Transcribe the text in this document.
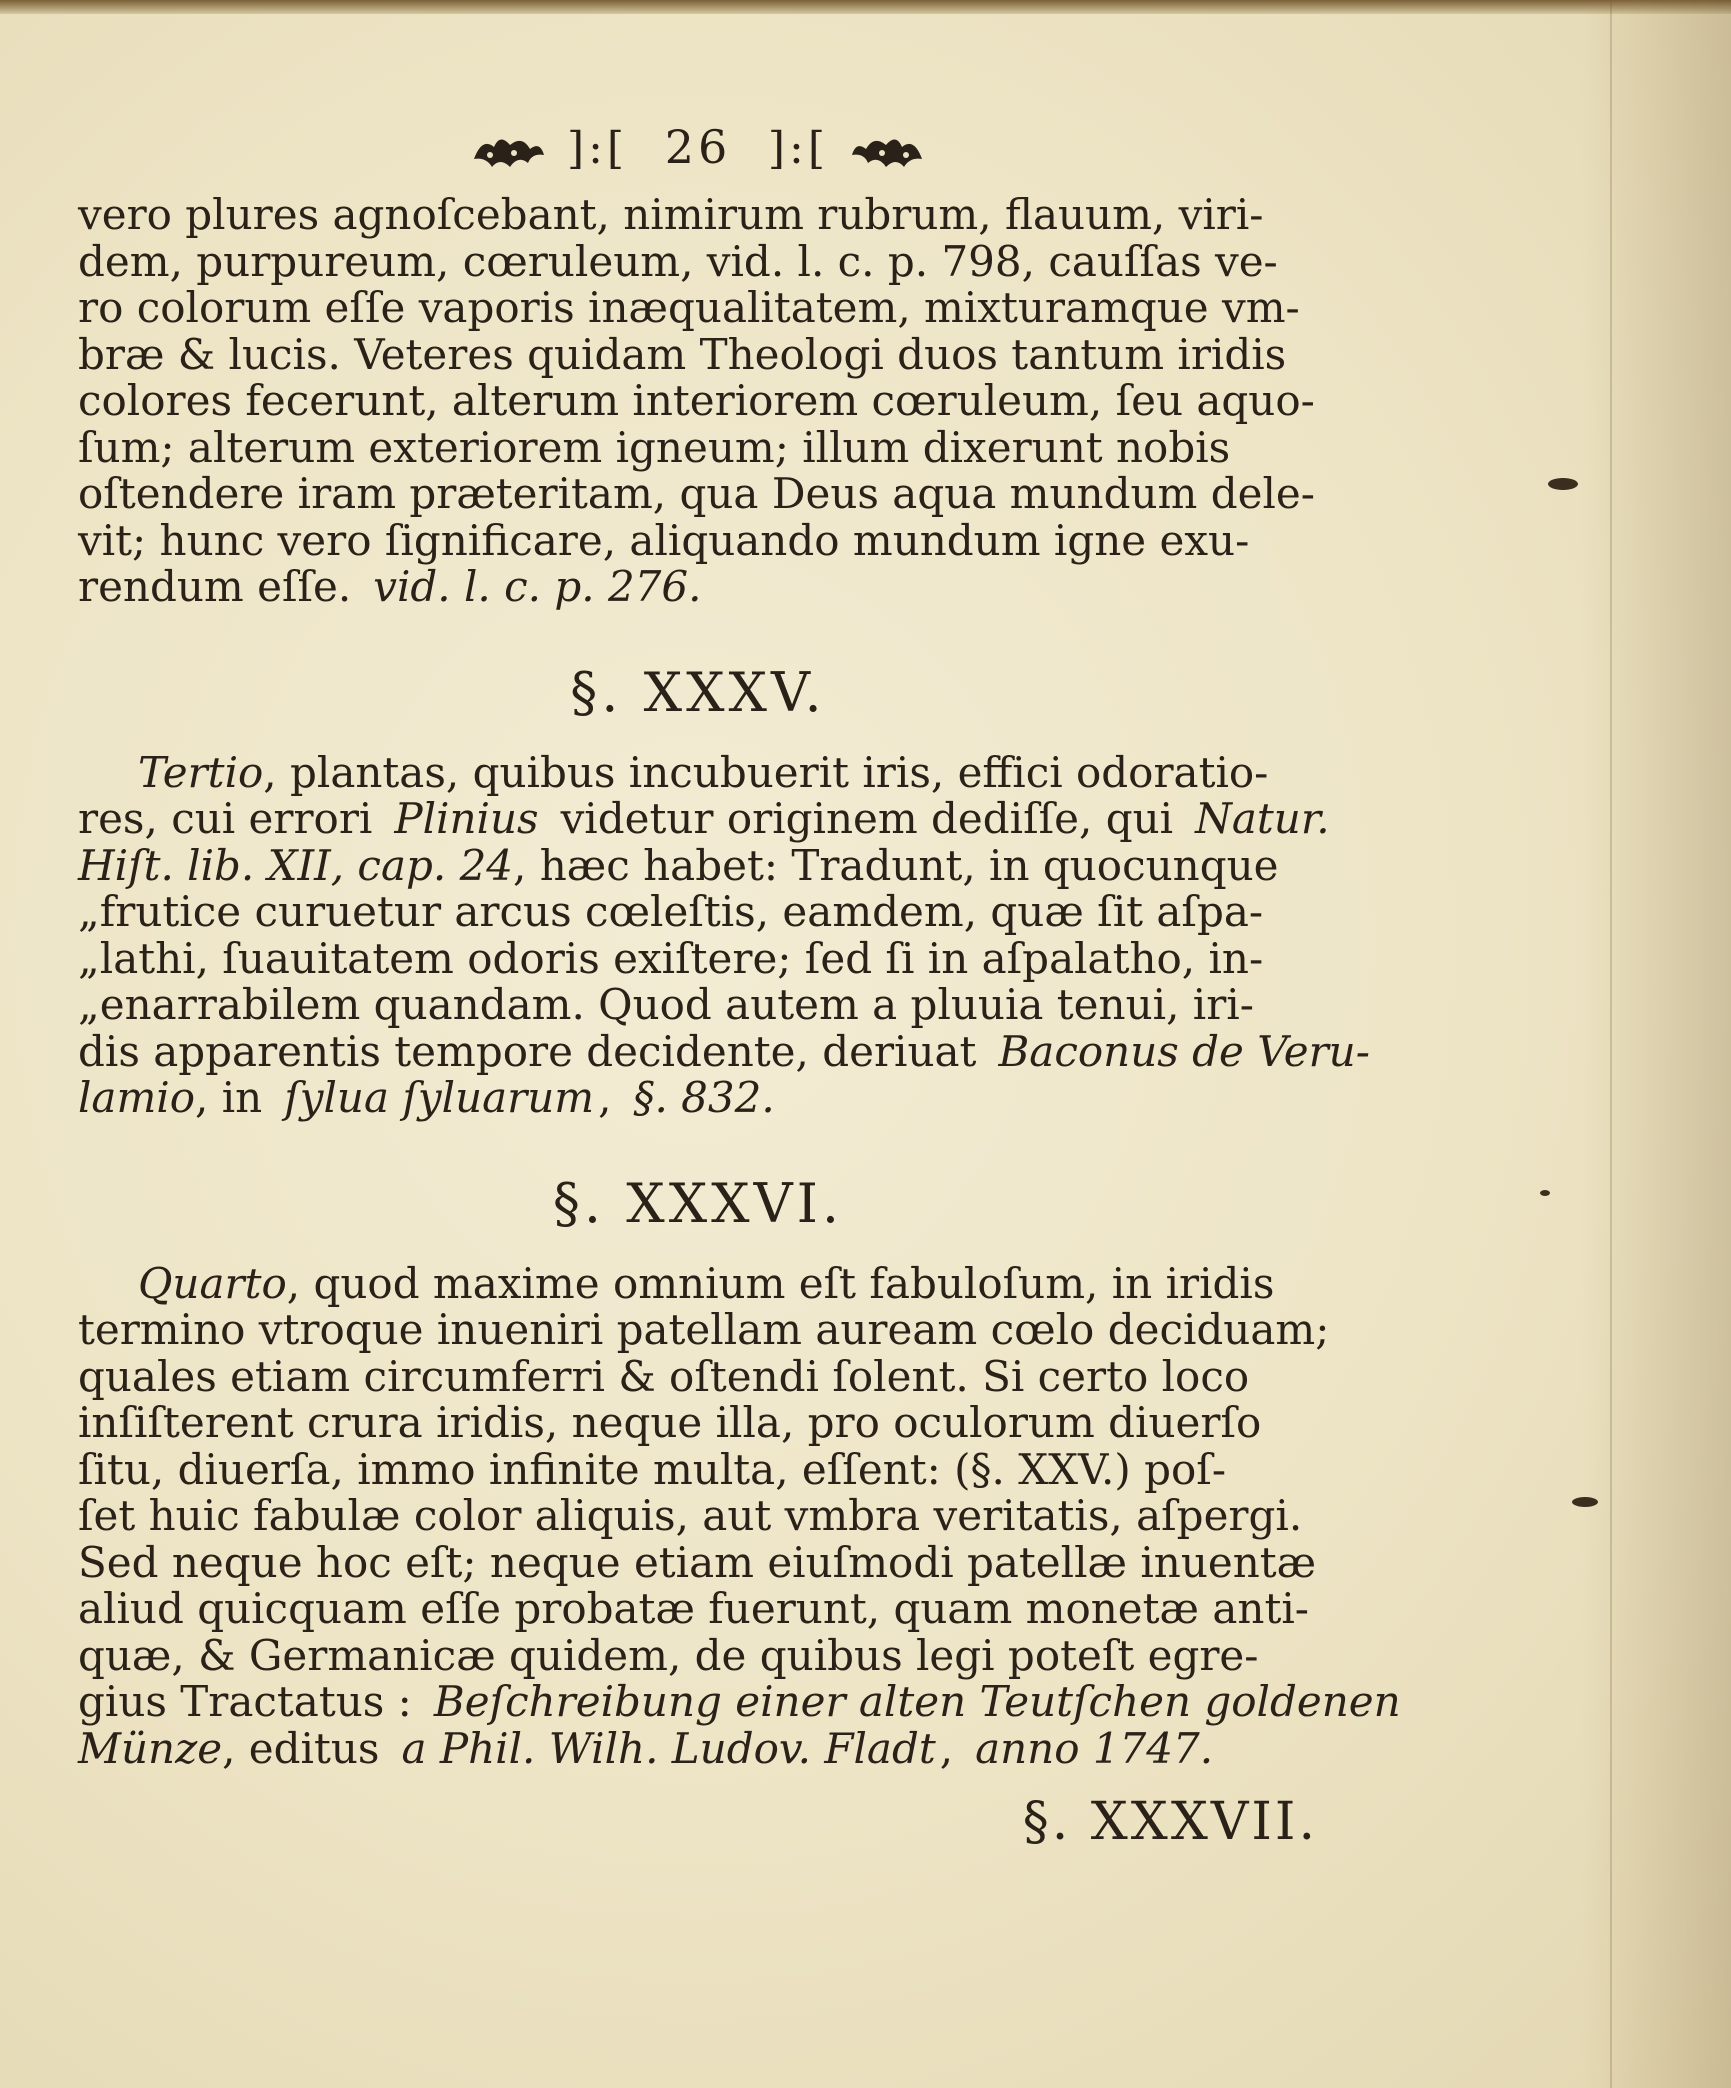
]:[ 26 ]:[
vero plures agnoſcebant, nimirum rubrum, flauum, viri-
dem, purpureum, cœruleum, vid. l. c. p. 798, cauſſas ve-
ro colorum eſſe vaporis inæqualitatem, mixturamque vm-
bræ & lucis. Veteres quidam Theologi duos tantum iridis
colores fecerunt, alterum interiorem cœruleum, ſeu aquo-
ſum; alterum exteriorem igneum; illum dixerunt nobis
oſtendere iram præteritam, qua Deus aqua mundum dele-
vit; hunc vero ſignificare, aliquando mundum igne exu-
rendum eſſe. vid. l. c. p. 276.
§. XXXV.
Tertio, plantas, quibus incubuerit iris, effici odoratio-
res, cui errori Plinius videtur originem dediſſe, qui Natur.
Hiſt. lib. XII, cap. 24 , hæc habet: Tradunt, in quocunque
„frutice curuetur arcus cœleſtis, eamdem, quæ ſit aſpa-
„lathi, ſuauitatem odoris exiſtere; ſed ſi in aſpalatho, in-
„enarrabilem quandam. Quod autem a pluuia tenui, iri-
dis apparentis tempore decidente, deriuat Baconus de Veru-
lamio , in ſylua ſyluarum , §. 832.
§. XXXVI.
Quarto, quod maxime omnium eſt fabuloſum, in iridis
termino vtroque inueniri patellam auream cœlo deciduam;
quales etiam circumferri & oſtendi ſolent. Si certo loco
inſiſterent crura iridis, neque illa, pro oculorum diuerſo
ſitu, diuerſa, immo infinite multa, eſſent: (§. XXV.) poſ-
ſet huic fabulæ color aliquis, aut vmbra veritatis, aſpergi.
Sed neque hoc eſt; neque etiam eiuſmodi patellæ inuentæ
aliud quicquam eſſe probatæ fuerunt, quam monetæ anti-
quæ, & Germanicæ quidem, de quibus legi poteſt egre-
gius Tractatus : Beſchreibung einer alten Teutſchen goldenen
Münze , editus a Phil. Wilh. Ludov. Fladt , anno 1747.
§. XXXVII.
